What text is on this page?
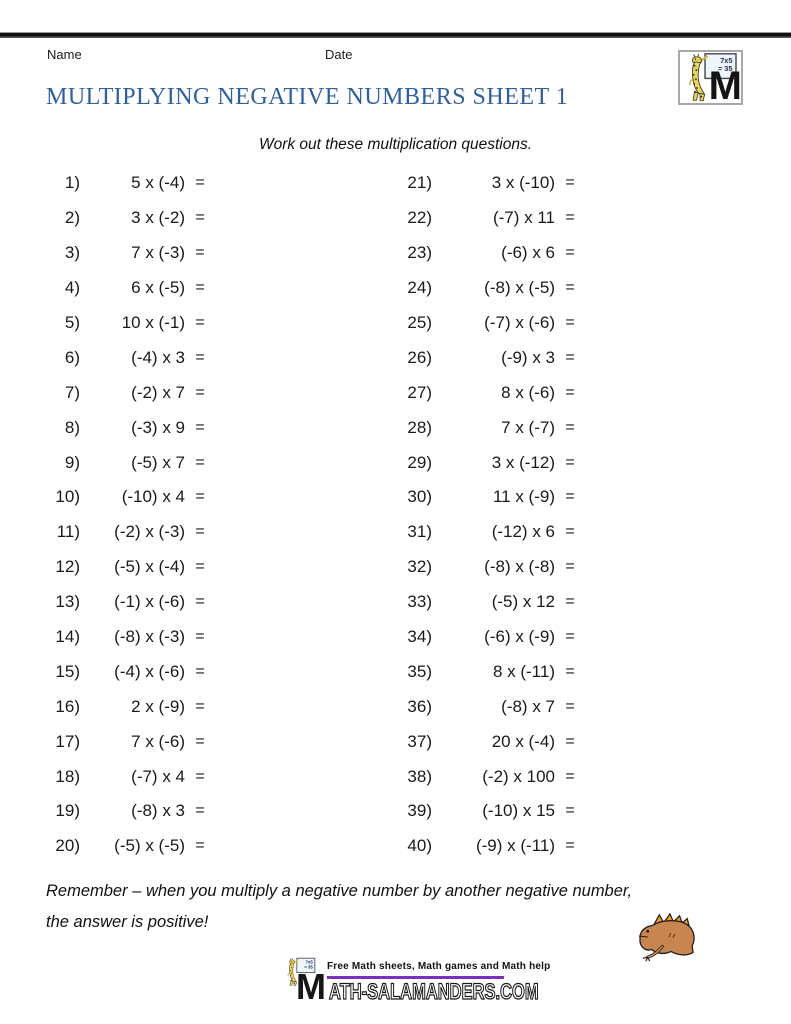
Name	Date
M
MULTIPLYING NEGATIVE NUMBERS SHEET 1

Work out these multiplication questions.

1)	5 x (-4) =
2)	3 x (-2) =
3)	7 x (-3) =
4)	6 x (-5) =
5)	10 x (-1) =
6)	(-4) x 3 =
7)	(-2) x 7 =
8)	(-3) x 9 =
9)	(-5) x 7 =
10)	(-10) x 4 =
11)	(-2) x (-3) =
12)	(-5) x (-4) =
13)	(-1) x (-6) =
14)	(-8) x (-3) =
15)	(-4) x (-6) =
16)	2 x (-9) =
17)	7 x (-6) =
18)	(-7) x 4 =
19)	(-8) x 3 =
20)	(-5) x (-5) =
21)	3 x (-10) =
22)	(-7) x 11 =
23)	(-6) x 6 =
24)	(-8) x (-5) =
25)	(-7) x (-6) =
26)	(-9) x 3 =
27)	8 x (-6) =
28)	7 x (-7) =
29)	3 x (-12) =
30)	11 x (-9) =
31)	(-12) x 6 =
32)	(-8) x (-8) =
33)	(-5) x 12 =
34)	(-6) x (-9) =
35)	8 x (-11) =
36)	(-8) x 7 =
37)	20 x (-4) =
38)	(-2) x 100 =
39)	(-10) x 15 =
40)	(-9) x (-11) =

Remember – when you multiply a negative number by another negative number,
the answer is positive!

Free Math sheets, Math games and Math help
M ATH-SALAMANDERS.COM
